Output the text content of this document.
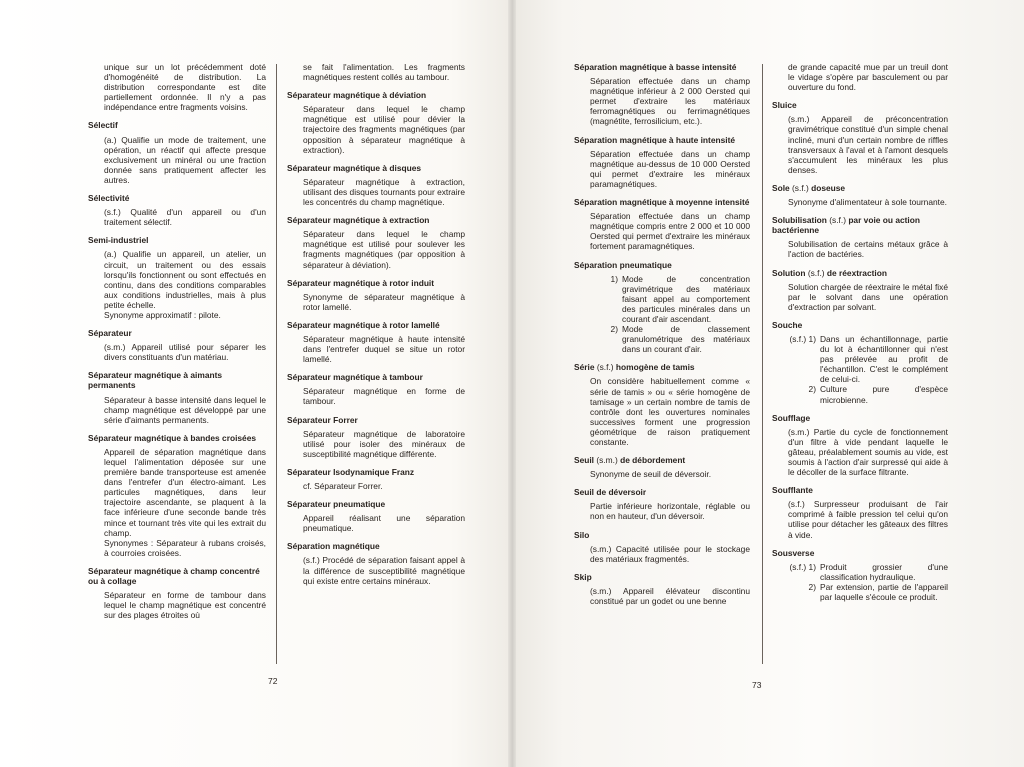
unique sur un lot précédemment doté d'homogénéité de distribution. La distribution correspondante est dite partiellement ordonnée. Il n'y a pas indépendance entre fragments voisins.
Sélectif
(a.) Qualifie un mode de traitement, une opération, un réactif qui affecte presque exclusivement un minéral ou une fraction donnée sans pratiquement affecter les autres.
Sélectivité
(s.f.) Qualité d'un appareil ou d'un traitement sélectif.
Semi-industriel
(a.) Qualifie un appareil, un atelier, un circuit, un traitement ou des essais lorsqu'ils fonctionnent ou sont effectués en continu, dans des conditions comparables aux conditions industrielles, mais à plus petite échelle.
Synonyme approximatif : pilote.
Séparateur
(s.m.) Appareil utilisé pour séparer les divers constituants d'un matériau.
Séparateur magnétique à aimants permanents
Séparateur à basse intensité dans lequel le champ magnétique est développé par une série d'aimants permanents.
Séparateur magnétique à bandes croisées
Appareil de séparation magnétique dans lequel l'alimentation déposée sur une première bande transporteuse est amenée dans l'entrefer d'un électro-aimant. Les particules magnétiques, dans leur trajectoire ascendante, se plaquent à la face inférieure d'une seconde bande très mince et tournant très vite qui les extrait du champ.
Synonymes : Séparateur à rubans croisés, à courroies croisées.
Séparateur magnétique à champ concentré ou à collage
Séparateur en forme de tambour dans lequel le champ magnétique est concentré sur des plages étroites où
se fait l'alimentation. Les fragments magnétiques restent collés au tambour.
Séparateur magnétique à déviation
Séparateur dans lequel le champ magnétique est utilisé pour dévier la trajectoire des fragments magnétiques (par opposition à séparateur magnétique à extraction).
Séparateur magnétique à disques
Séparateur magnétique à extraction, utilisant des disques tournants pour extraire les concentrés du champ magnétique.
Séparateur magnétique à extraction
Séparateur dans lequel le champ magnétique est utilisé pour soulever les fragments magnétiques (par opposition à séparateur à déviation).
Séparateur magnétique à rotor induit
Synonyme de séparateur magnétique à rotor lamellé.
Séparateur magnétique à rotor lamellé
Séparateur magnétique à haute intensité dans l'entrefer duquel se situe un rotor lamellé.
Séparateur magnétique à tambour
Séparateur magnétique en forme de tambour.
Séparateur Forrer
Séparateur magnétique de laboratoire utilisé pour isoler des minéraux de susceptibilité magnétique différente.
Séparateur Isodynamique Franz
cf. Séparateur Forrer.
Séparateur pneumatique
Appareil réalisant une séparation pneumatique.
Séparation magnétique
(s.f.) Procédé de séparation faisant appel à la différence de susceptibilité magnétique qui existe entre certains minéraux.
Séparation magnétique à basse intensité
Séparation effectuée dans un champ magnétique inférieur à 2 000 Oersted qui permet d'extraire les matériaux ferromagnétiques ou ferrimagnétiques (magnétite, ferrosilicium, etc.).
Séparation magnétique à haute intensité
Séparation effectuée dans un champ magnétique au-dessus de 10 000 Oersted qui permet d'extraire les minéraux paramagnétiques.
Séparation magnétique à moyenne intensité
Séparation effectuée dans un champ magnétique compris entre 2 000 et 10 000 Oersted qui permet d'extraire les minéraux fortement paramagnétiques.
Séparation pneumatique
1) Mode de concentration gravimétrique des matériaux faisant appel au comportement des particules minérales dans un courant d'air ascendant.
2) Mode de classement granulométrique des matériaux dans un courant d'air.
Série (s.f.) homogène de tamis
On considère habituellement comme « série de tamis » ou « série homogène de tamisage » un certain nombre de tamis de contrôle dont les ouvertures nominales successives forment une progression géométrique de raison pratiquement constante.
Seuil (s.m.) de débordement
Synonyme de seuil de déversoir.
Seuil de déversoir
Partie inférieure horizontale, réglable ou non en hauteur, d'un déversoir.
Silo
(s.m.) Capacité utilisée pour le stockage des matériaux fragmentés.
Skip
(s.m.) Appareil élévateur discontinu constitué par un godet ou une benne
de grande capacité mue par un treuil dont le vidage s'opère par basculement ou par ouverture du fond.
Sluice
(s.m.) Appareil de préconcentration gravimétrique constitué d'un simple chenal incliné, muni d'un certain nombre de riffles transversaux à l'aval et à l'amont desquels s'accumulent les minéraux les plus denses.
Sole (s.f.) doseuse
Synonyme d'alimentateur à sole tournante.
Solubilisation (s.f.) par voie ou action bactérienne
Solubilisation de certains métaux grâce à l'action de bactéries.
Solution (s.f.) de réextraction
Solution chargée de réextraire le métal fixé par le solvant dans une opération d'extraction par solvant.
Souche
(s.f.) 1) Dans un échantillonnage, partie du lot à échantillonner qui n'est pas prélevée au profit de l'échantillon. C'est le complément de celui-ci.
2) Culture pure d'espèce microbienne.
Soufflage
(s.m.) Partie du cycle de fonctionnement d'un filtre à vide pendant laquelle le gâteau, préalablement soumis au vide, est soumis à l'action d'air surpressé qui aide à le décoller de la surface filtrante.
Soufflante
(s.f.) Surpresseur produisant de l'air comprimé à faible pression tel celui qu'on utilise pour détacher les gâteaux des filtres à vide.
Sousverse
(s.f.) 1) Produit grossier d'une classification hydraulique.
2) Par extension, partie de l'appareil par laquelle s'écoule ce produit.
72	73
